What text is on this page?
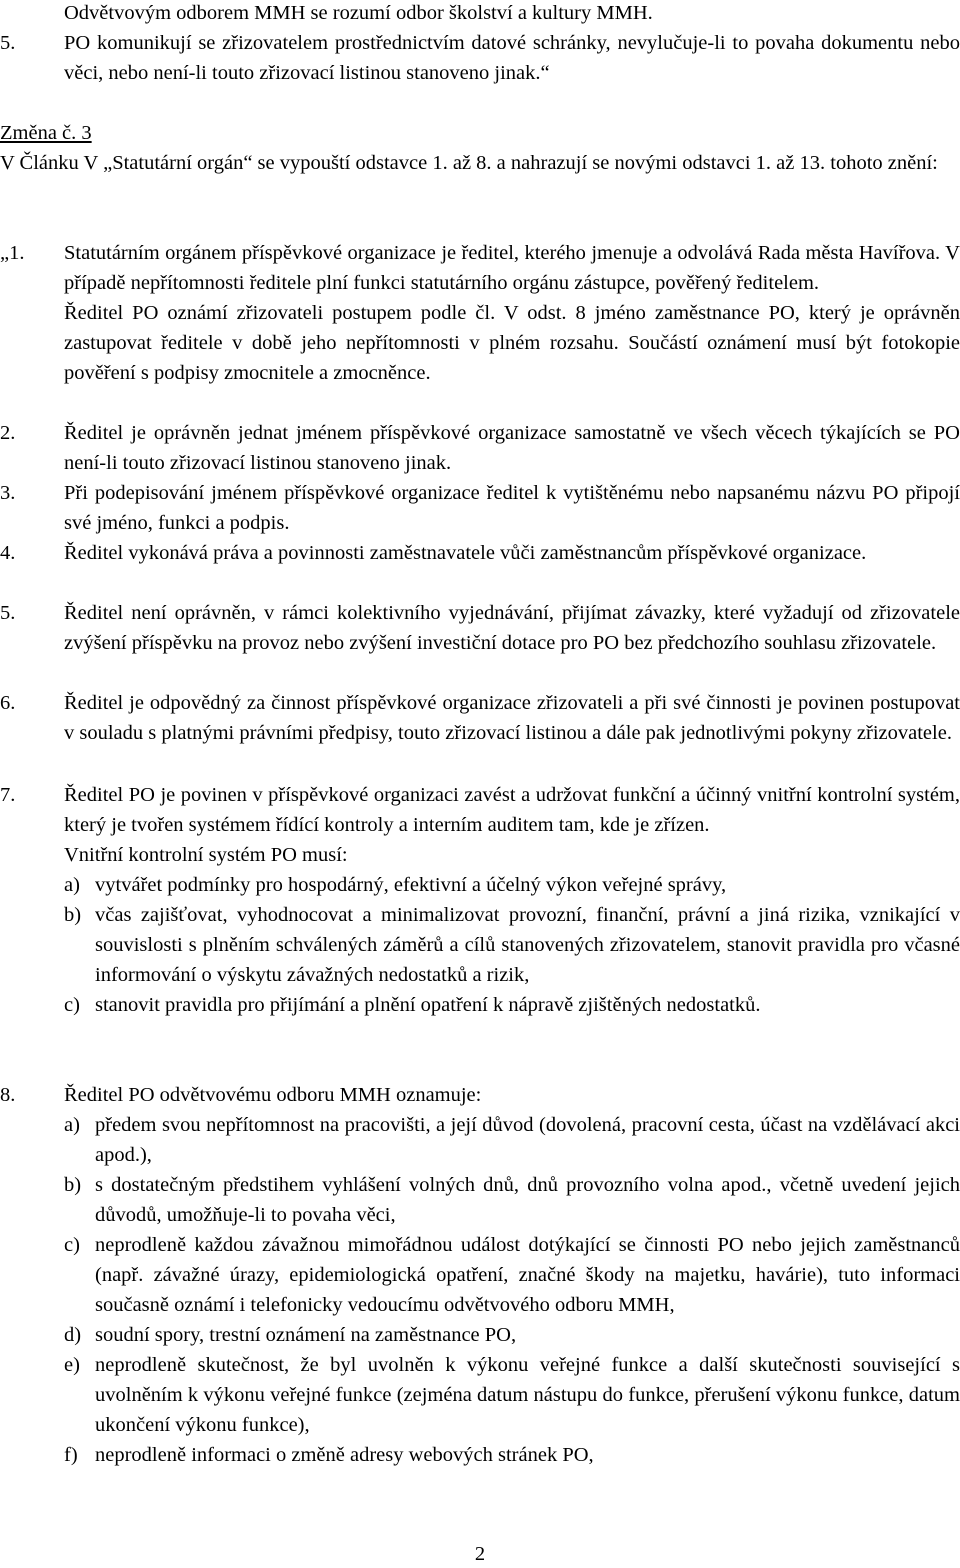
Odvětvovým odborem MMH se rozumí odbor školství a kultury MMH.

5. PO komunikují se zřizovatelem prostřednictvím datové schránky, nevylučuje-li to povaha dokumentu nebo věci, nebo není-li touto zřizovací listinou stanoveno jinak.“

Změna č. 3

V Článku V „Statutární orgán“ se vypouští odstavce 1. až 8. a nahrazují se novými odstavci 1. až 13. tohoto znění:

„1. Statutárním orgánem příspěvkové organizace je ředitel, kterého jmenuje a odvolává Rada města Havířova. V případě nepřítomnosti ředitele plní funkci statutárního orgánu zástupce, pověřený ředitelem.
Ředitel PO oznámí zřizovateli postupem podle čl. V odst. 8 jméno zaměstnance PO, který je oprávněn zastupovat ředitele v době jeho nepřítomnosti v plném rozsahu. Součástí oznámení musí být fotokopie pověření s podpisy zmocnitele a zmocněnce.
2. Ředitel je oprávněn jednat jménem příspěvkové organizace samostatně ve všech věcech týkajících se PO není-li touto zřizovací listinou stanoveno jinak.
3. Při podepisování jménem příspěvkové organizace ředitel k vytištěnému nebo napsanému názvu PO připojí své jméno, funkci a podpis.
4. Ředitel vykonává práva a povinnosti zaměstnavatele vůči zaměstnancům příspěvkové organizace.
5. Ředitel není oprávněn, v rámci kolektivního vyjednávání, přijímat závazky, které vyžadují od zřizovatele zvýšení příspěvku na provoz nebo zvýšení investiční dotace pro PO bez předchozího souhlasu zřizovatele.
6. Ředitel je odpovědný za činnost příspěvkové organizace zřizovateli a při své činnosti je povinen postupovat v souladu s platnými právními předpisy, touto zřizovací listinou a dále pak jednotlivými pokyny zřizovatele.
7. Ředitel PO je povinen v příspěvkové organizaci zavést a udržovat funkční a účinný vnitřní kontrolní systém, který je tvořen systémem řídící kontroly a interním auditem tam, kde je zřízen.
Vnitřní kontrolní systém PO musí:
a) vytvářet podmínky pro hospodárný, efektivní a účelný výkon veřejné správy,
b) včas zajišťovat, vyhodnocovat a minimalizovat provozní, finanční, právní a jiná rizika, vznikající v souvislosti s plněním schválených záměrů a cílů stanovených zřizovatelem, stanovit pravidla pro včasné informování o výskytu závažných nedostatků a rizik,
c) stanovit pravidla pro přijímání a plnění opatření k nápravě zjištěných nedostatků.
8. Ředitel PO odvětvovému odboru MMH oznamuje:
a) předem svou nepřítomnost na pracovišti, a její důvod (dovolená, pracovní cesta, účast na vzdělávací akci apod.),
b) s dostatečným předstihem vyhlášení volných dnů, dnů provozního volna apod., včetně uvedení jejich důvodů, umožňuje-li to povaha věci,
c) neprodleně každou závažnou mimořádnou událost dotýkající se činnosti PO nebo jejich zaměstnanců (např. závažné úrazy, epidemiologická opatření, značné škody na majetku, havárie), tuto informaci současně oznámí i telefonicky vedoucímu odvětvového odboru MMH,
d) soudní spory, trestní oznámení na zaměstnance PO,
e) neprodleně skutečnost, že byl uvolněn k výkonu veřejné funkce a další skutečnosti související s uvolněním k výkonu veřejné funkce (zejména datum nástupu do funkce, přerušení výkonu funkce, datum ukončení výkonu funkce),
f) neprodleně informaci o změně adresy webových stránek PO,
2
